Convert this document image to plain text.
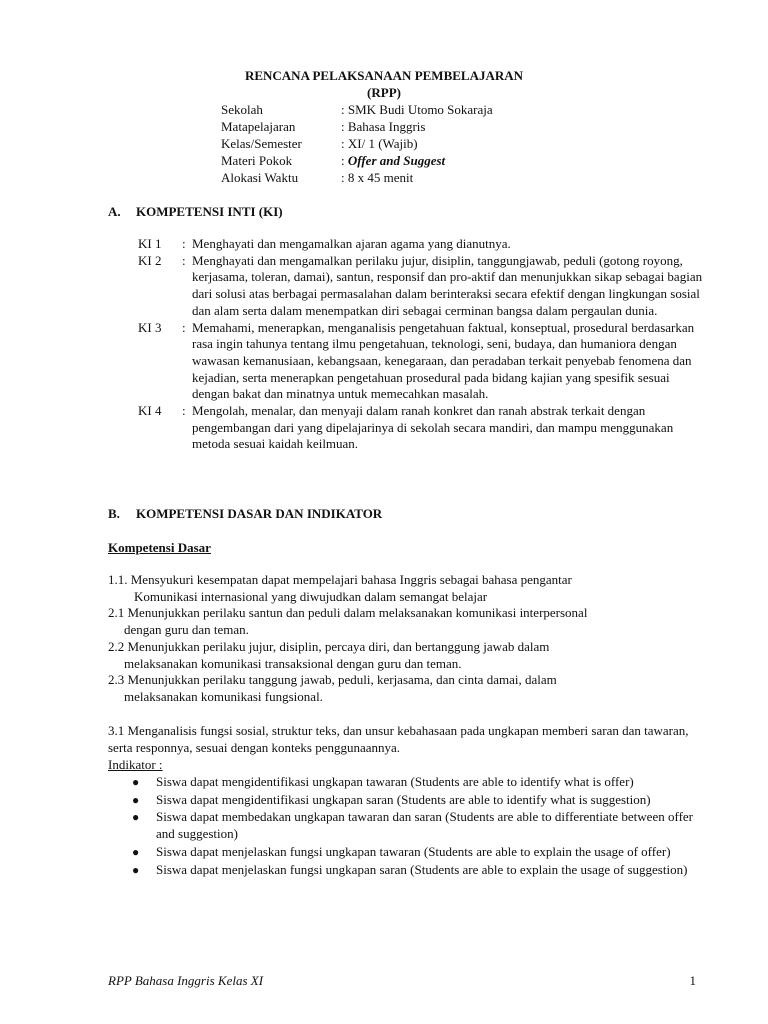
RENCANA PELAKSANAAN PEMBELAJARAN
(RPP)
Sekolah	: SMK Budi Utomo Sokaraja
Matapelajaran	: Bahasa Inggris
Kelas/Semester	: XI/ 1 (Wajib)
Materi Pokok	: Offer and Suggest
Alokasi Waktu	: 8 x 45 menit
A. KOMPETENSI INTI (KI)
KI 1	: Menghayati dan mengamalkan ajaran agama yang dianutnya.
KI 2	: Menghayati dan mengamalkan perilaku jujur, disiplin, tanggungjawab, peduli (gotong royong, kerjasama, toleran, damai), santun, responsif dan pro-aktif dan menunjukkan sikap sebagai bagian dari solusi atas berbagai permasalahan dalam berinteraksi secara efektif dengan lingkungan sosial dan alam serta dalam menempatkan diri sebagai cerminan bangsa dalam pergaulan dunia.
KI 3	: Memahami, menerapkan, menganalisis pengetahuan faktual, konseptual, prosedural berdasarkan rasa ingin tahunya tentang ilmu pengetahuan, teknologi, seni, budaya, dan humaniora dengan wawasan kemanusiaan, kebangsaan, kenegaraan, dan peradaban terkait penyebab fenomena dan kejadian, serta menerapkan pengetahuan prosedural pada bidang kajian yang spesifik sesuai dengan bakat dan minatnya untuk memecahkan masalah.
KI 4	: Mengolah, menalar, dan menyaji dalam ranah konkret dan ranah abstrak terkait dengan pengembangan dari yang dipelajarinya di sekolah secara mandiri, dan mampu menggunakan metoda sesuai kaidah keilmuan.
B. KOMPETENSI DASAR DAN INDIKATOR
Kompetensi Dasar
1.1. Mensyukuri kesempatan dapat mempelajari bahasa Inggris sebagai bahasa pengantar
Komunikasi internasional yang diwujudkan dalam semangat belajar
2.1 Menunjukkan perilaku santun dan peduli dalam melaksanakan komunikasi interpersonal
dengan guru dan teman.
2.2 Menunjukkan perilaku jujur, disiplin, percaya diri, dan bertanggung jawab dalam
melaksanakan komunikasi transaksional dengan guru dan teman.
2.3 Menunjukkan perilaku tanggung jawab, peduli, kerjasama, dan cinta damai, dalam
melaksanakan komunikasi fungsional.
3.1 Menganalisis fungsi sosial, struktur teks, dan unsur kebahasaan pada ungkapan memberi saran dan tawaran, serta responnya, sesuai dengan konteks penggunaannya.
Indikator :
●	Siswa dapat mengidentifikasi ungkapan tawaran (Students are able to identify what is offer)
●	Siswa dapat mengidentifikasi ungkapan saran (Students are able to identify what is suggestion)
●	Siswa dapat membedakan ungkapan tawaran dan saran (Students are able to differentiate between offer and suggestion)
●	Siswa dapat menjelaskan fungsi ungkapan tawaran (Students are able to explain the usage of offer)
●	Siswa dapat menjelaskan fungsi ungkapan saran (Students are able to explain the usage of suggestion)
RPP Bahasa Inggris Kelas XI	1
